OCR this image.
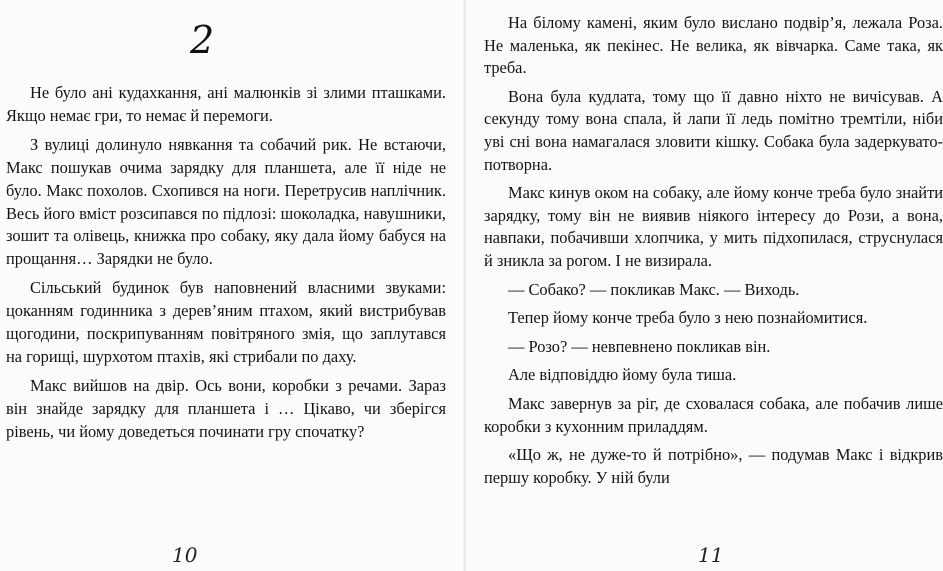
2

Не було ані кудахкання, ані малюнків зі злими пташками. Якщо немає гри, то немає й перемоги.

З вулиці долинуло нявкання та собачий рик. Не встаючи, Макс пошукав очима зарядку для планшета, але її ніде не було. Макс похолов. Схопився на ноги. Перетрусив наплічник. Весь його вміст розсипався по підлозі: шоколадка, навушники, зошит та олівець, книжка про собаку, яку дала йому бабуся на прощання… Зарядки не було.

Сільський будинок був наповнений власними звуками: цоканням годинника з дерев’яним птахом, який вистрибував щогодини, поскрипуванням повітряного змія, що заплутався на горищі, шурхотом птахів, які стрибали по даху.

Макс вийшов на двір. Ось вони, коробки з речами. Зараз він знайде зарядку для планшета і … Цікаво, чи зберігся рівень, чи йому доведеться починати гру спочатку?

10

На білому камені, яким було вислано подвір’я, лежала Роза. Не маленька, як пекінес. Не велика, як вівчарка. Саме така, як треба.

Вона була кудлата, тому що її давно ніхто не вичісував. А секунду тому вона спала, й лапи її ледь помітно тремтіли, ніби уві сні вона намагалася зловити кішку. Собака була задеркувато-потворна.

Макс кинув оком на собаку, але йому конче треба було знайти зарядку, тому він не виявив ніякого інтересу до Рози, а вона, навпаки, побачивши хлопчика, у мить підхопилася, струснулася й зникла за рогом. І не визирала.

— Собако? — покликав Макс. — Виходь.

Тепер йому конче треба було з нею познайомитися.

— Розо? — невпевнено покликав він.

Але відповіддю йому була тиша.

Макс завернув за ріг, де сховалася собака, але побачив лише коробки з кухонним приладдям.

«Що ж, не дуже-то й потрібно», — подумав Макс і відкрив першу коробку. У ній були

11
